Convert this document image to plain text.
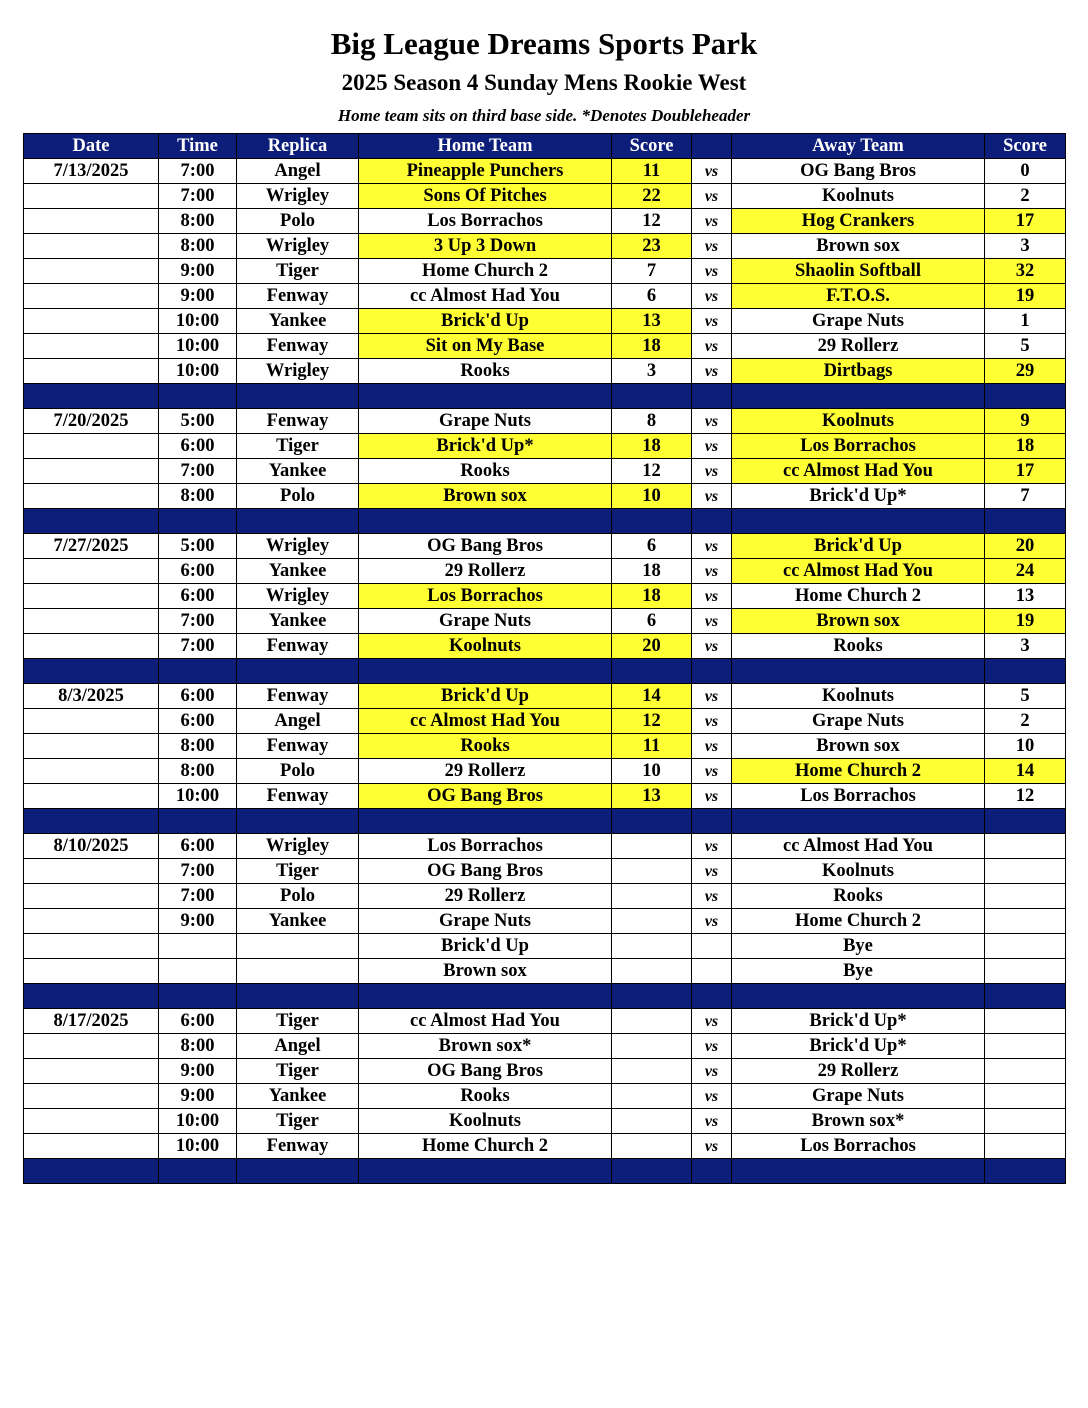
Big League Dreams Sports Park
2025 Season 4 Sunday Mens Rookie West
Home team sits on third base side. *Denotes Doubleheader
Date	Time	Replica	Home Team	Score		Away Team	Score
7/13/2025	7:00	Angel	Pineapple Punchers	11	vs	OG Bang Bros	0
	7:00	Wrigley	Sons Of Pitches	22	vs	Koolnuts	2
	8:00	Polo	Los Borrachos	12	vs	Hog Crankers	17
	8:00	Wrigley	3 Up 3 Down	23	vs	Brown sox	3
	9:00	Tiger	Home Church 2	7	vs	Shaolin Softball	32
	9:00	Fenway	cc Almost Had You	6	vs	F.T.O.S.	19
	10:00	Yankee	Brick'd Up	13	vs	Grape Nuts	1
	10:00	Fenway	Sit on My Base	18	vs	29 Rollerz	5
	10:00	Wrigley	Rooks	3	vs	Dirtbags	29

7/20/2025	5:00	Fenway	Grape Nuts	8	vs	Koolnuts	9
	6:00	Tiger	Brick'd Up*	18	vs	Los Borrachos	18
	7:00	Yankee	Rooks	12	vs	cc Almost Had You	17
	8:00	Polo	Brown sox	10	vs	Brick'd Up*	7

7/27/2025	5:00	Wrigley	OG Bang Bros	6	vs	Brick'd Up	20
	6:00	Yankee	29 Rollerz	18	vs	cc Almost Had You	24
	6:00	Wrigley	Los Borrachos	18	vs	Home Church 2	13
	7:00	Yankee	Grape Nuts	6	vs	Brown sox	19
	7:00	Fenway	Koolnuts	20	vs	Rooks	3

8/3/2025	6:00	Fenway	Brick'd Up	14	vs	Koolnuts	5
	6:00	Angel	cc Almost Had You	12	vs	Grape Nuts	2
	8:00	Fenway	Rooks	11	vs	Brown sox	10
	8:00	Polo	29 Rollerz	10	vs	Home Church 2	14
	10:00	Fenway	OG Bang Bros	13	vs	Los Borrachos	12

8/10/2025	6:00	Wrigley	Los Borrachos		vs	cc Almost Had You	
	7:00	Tiger	OG Bang Bros		vs	Koolnuts	
	7:00	Polo	29 Rollerz		vs	Rooks	
	9:00	Yankee	Grape Nuts		vs	Home Church 2	
			Brick'd Up			Bye	
			Brown sox			Bye	

8/17/2025	6:00	Tiger	cc Almost Had You		vs	Brick'd Up*	
	8:00	Angel	Brown sox*		vs	Brick'd Up*	
	9:00	Tiger	OG Bang Bros		vs	29 Rollerz	
	9:00	Yankee	Rooks		vs	Grape Nuts	
	10:00	Tiger	Koolnuts		vs	Brown sox*	
	10:00	Fenway	Home Church 2		vs	Los Borrachos	
